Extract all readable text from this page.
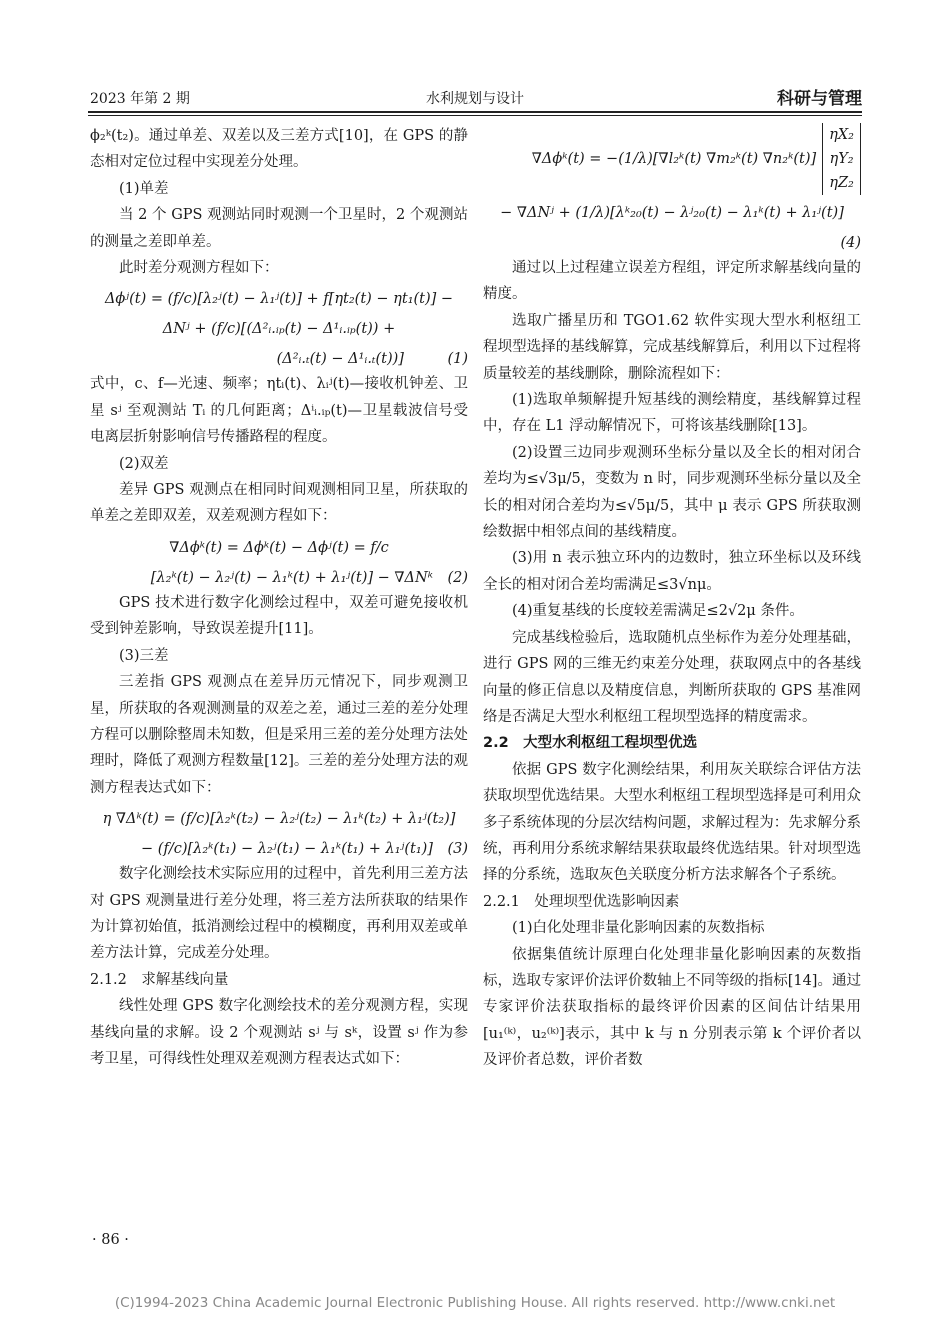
2023 年第 2 期	水利规划与设计	科研与管理

ϕ₂ᵏ(t₂)。通过单差、双差以及三差方式[10]，在 GPS 的静态相对定位过程中实现差分处理。

(1)单差

当 2 个 GPS 观测站同时观测一个卫星时，2 个观测站的测量之差即单差。

此时差分观测方程如下：

Δϕʲ(t) = (f/c)[λ₂ʲ(t) − λ₁ʲ(t)] + f[ηt₂(t) − ηt₁(t)] −

ΔNʲ + (f/c)[(Δ²ᵢ.ᵢₚ(t) − Δ¹ᵢ.ᵢₚ(t)) +

(Δ²ᵢ.ₜ(t) − Δ¹ᵢ.ₜ(t))]　　　(1)

式中，c、f—光速、频率；ηtᵢ(t)、λᵢʲ(t)—接收机钟差、卫星 sʲ 至观测站 Tᵢ 的几何距离；Δⁱᵢ.ᵢₚ(t)—卫星载波信号受电离层折射影响信号传播路程的程度。

(2)双差

差异 GPS 观测点在相同时间观测相同卫星，所获取的单差之差即双差，双差观测方程如下：

∇Δϕᵏ(t) = Δϕᵏ(t) − Δϕʲ(t) = f/c

[λ₂ᵏ(t) − λ₂ʲ(t) − λ₁ᵏ(t) + λ₁ʲ(t)] − ∇ΔNᵏ　(2)

GPS 技术进行数字化测绘过程中，双差可避免接收机受到钟差影响，导致误差提升[11]。

(3)三差

三差指 GPS 观测点在差异历元情况下，同步观测卫星，所获取的各观测测量的双差之差，通过三差的差分处理方程可以删除整周未知数，但是采用三差的差分处理方法处理时，降低了观测方程数量[12]。三差的差分处理方法的观测方程表达式如下：

η ∇Δᵏ(t) = (f/c)[λ₂ᵏ(t₂) − λ₂ʲ(t₂) − λ₁ᵏ(t₂) + λ₁ʲ(t₂)]

− (f/c)[λ₂ᵏ(t₁) − λ₂ʲ(t₁) − λ₁ᵏ(t₁) + λ₁ʲ(t₁)]　(3)

数字化测绘技术实际应用的过程中，首先利用三差方法对 GPS 观测量进行差分处理，将三差方法所获取的结果作为计算初始值，抵消测绘过程中的模糊度，再利用双差或单差方法计算，完成差分处理。

2.1.2　求解基线向量

线性处理 GPS 数字化测绘技术的差分观测方程，实现基线向量的求解。设 2 个观测站 sʲ 与 sᵏ，设置 sʲ 作为参考卫星，可得线性处理双差观测方程表达式如下：

∇Δϕᵏ(t) = −(1/λ)[∇l₂ᵏ(t) ∇m₂ᵏ(t) ∇n₂ᵏ(t)]
ηX₂
ηY₂
ηZ₂

− ∇ΔNʲ + (1/λ)[λᵏ₂₀(t) − λʲ₂₀(t) − λ₁ᵏ(t) + λ₁ʲ(t)]

(4)

通过以上过程建立误差方程组，评定所求解基线向量的精度。

选取广播星历和 TGO1.62 软件实现大型水利枢纽工程坝型选择的基线解算，完成基线解算后，利用以下过程将质量较差的基线删除，删除流程如下：

(1)选取单频解提升短基线的测绘精度，基线解算过程中，存在 L1 浮动解情况下，可将该基线删除[13]。

(2)设置三边同步观测环坐标分量以及全长的相对闭合差均为≤√3μ/5，变数为 n 时，同步观测环坐标分量以及全长的相对闭合差均为≤√5μ/5，其中 μ 表示 GPS 所获取测绘数据中相邻点间的基线精度。

(3)用 n 表示独立环内的边数时，独立环坐标以及环线全长的相对闭合差均需满足≤3√nμ。

(4)重复基线的长度较差需满足≤2√2μ 条件。

完成基线检验后，选取随机点坐标作为差分处理基础，进行 GPS 网的三维无约束差分处理，获取网点中的各基线向量的修正信息以及精度信息，判断所获取的 GPS 基准网络是否满足大型水利枢纽工程坝型选择的精度需求。

2.2　大型水利枢纽工程坝型优选

依据 GPS 数字化测绘结果，利用灰关联综合评估方法获取坝型优选结果。大型水利枢纽工程坝型选择是可利用众多子系统体现的分层次结构问题，求解过程为：先求解分系统，再利用分系统求解结果获取最终优选结果。针对坝型选择的分系统，选取灰色关联度分析方法求解各个子系统。

2.2.1　处理坝型优选影响因素

(1)白化处理非量化影响因素的灰数指标

依据集值统计原理白化处理非量化影响因素的灰数指标，选取专家评价法评价数轴上不同等级的指标[14]。通过专家评价法获取指标的最终评价因素的区间估计结果用[u₁⁽ᵏ⁾，u₂⁽ᵏ⁾]表示，其中 k 与 n 分别表示第 k 个评价者以及评价者总数，评价者数

· 86 ·
(C)1994-2023 China Academic Journal Electronic Publishing House. All rights reserved. http://www.cnki.net
